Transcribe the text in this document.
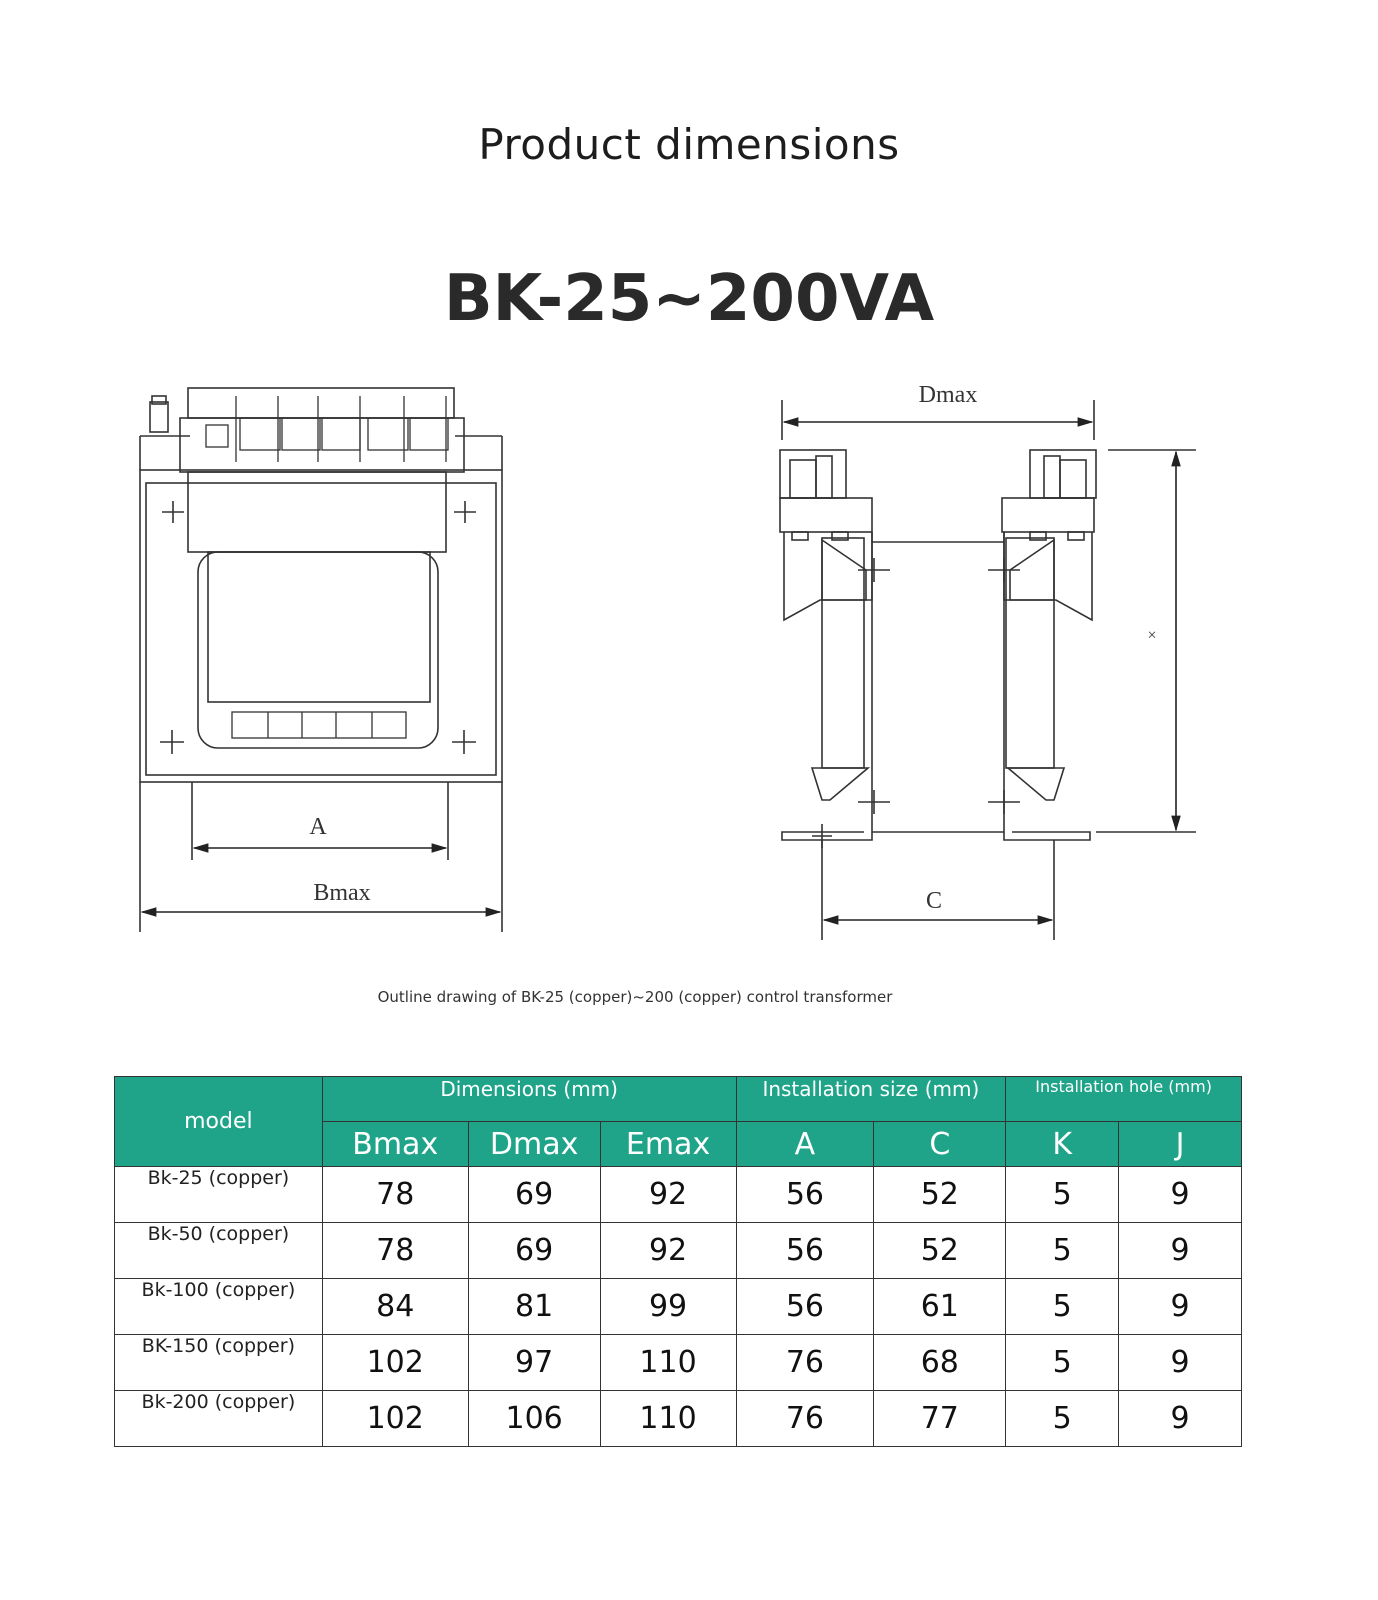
Product dimensions
BK-25~200VA
A
Bmax
Dmax
×
C
Outline drawing of BK-25 (copper)~200 (copper) control transformer
model	Dimensions (mm)			Installation size (mm)		Installation hole (mm)	
	Bmax	Dmax	Emax	A	C	K	J
Bk-25 (copper)	78	69	92	56	52	5	9
Bk-50 (copper)	78	69	92	56	52	5	9
Bk-100 (copper)	84	81	99	56	61	5	9
BK-150 (copper)	102	97	110	76	68	5	9
Bk-200 (copper)	102	106	110	76	77	5	9
